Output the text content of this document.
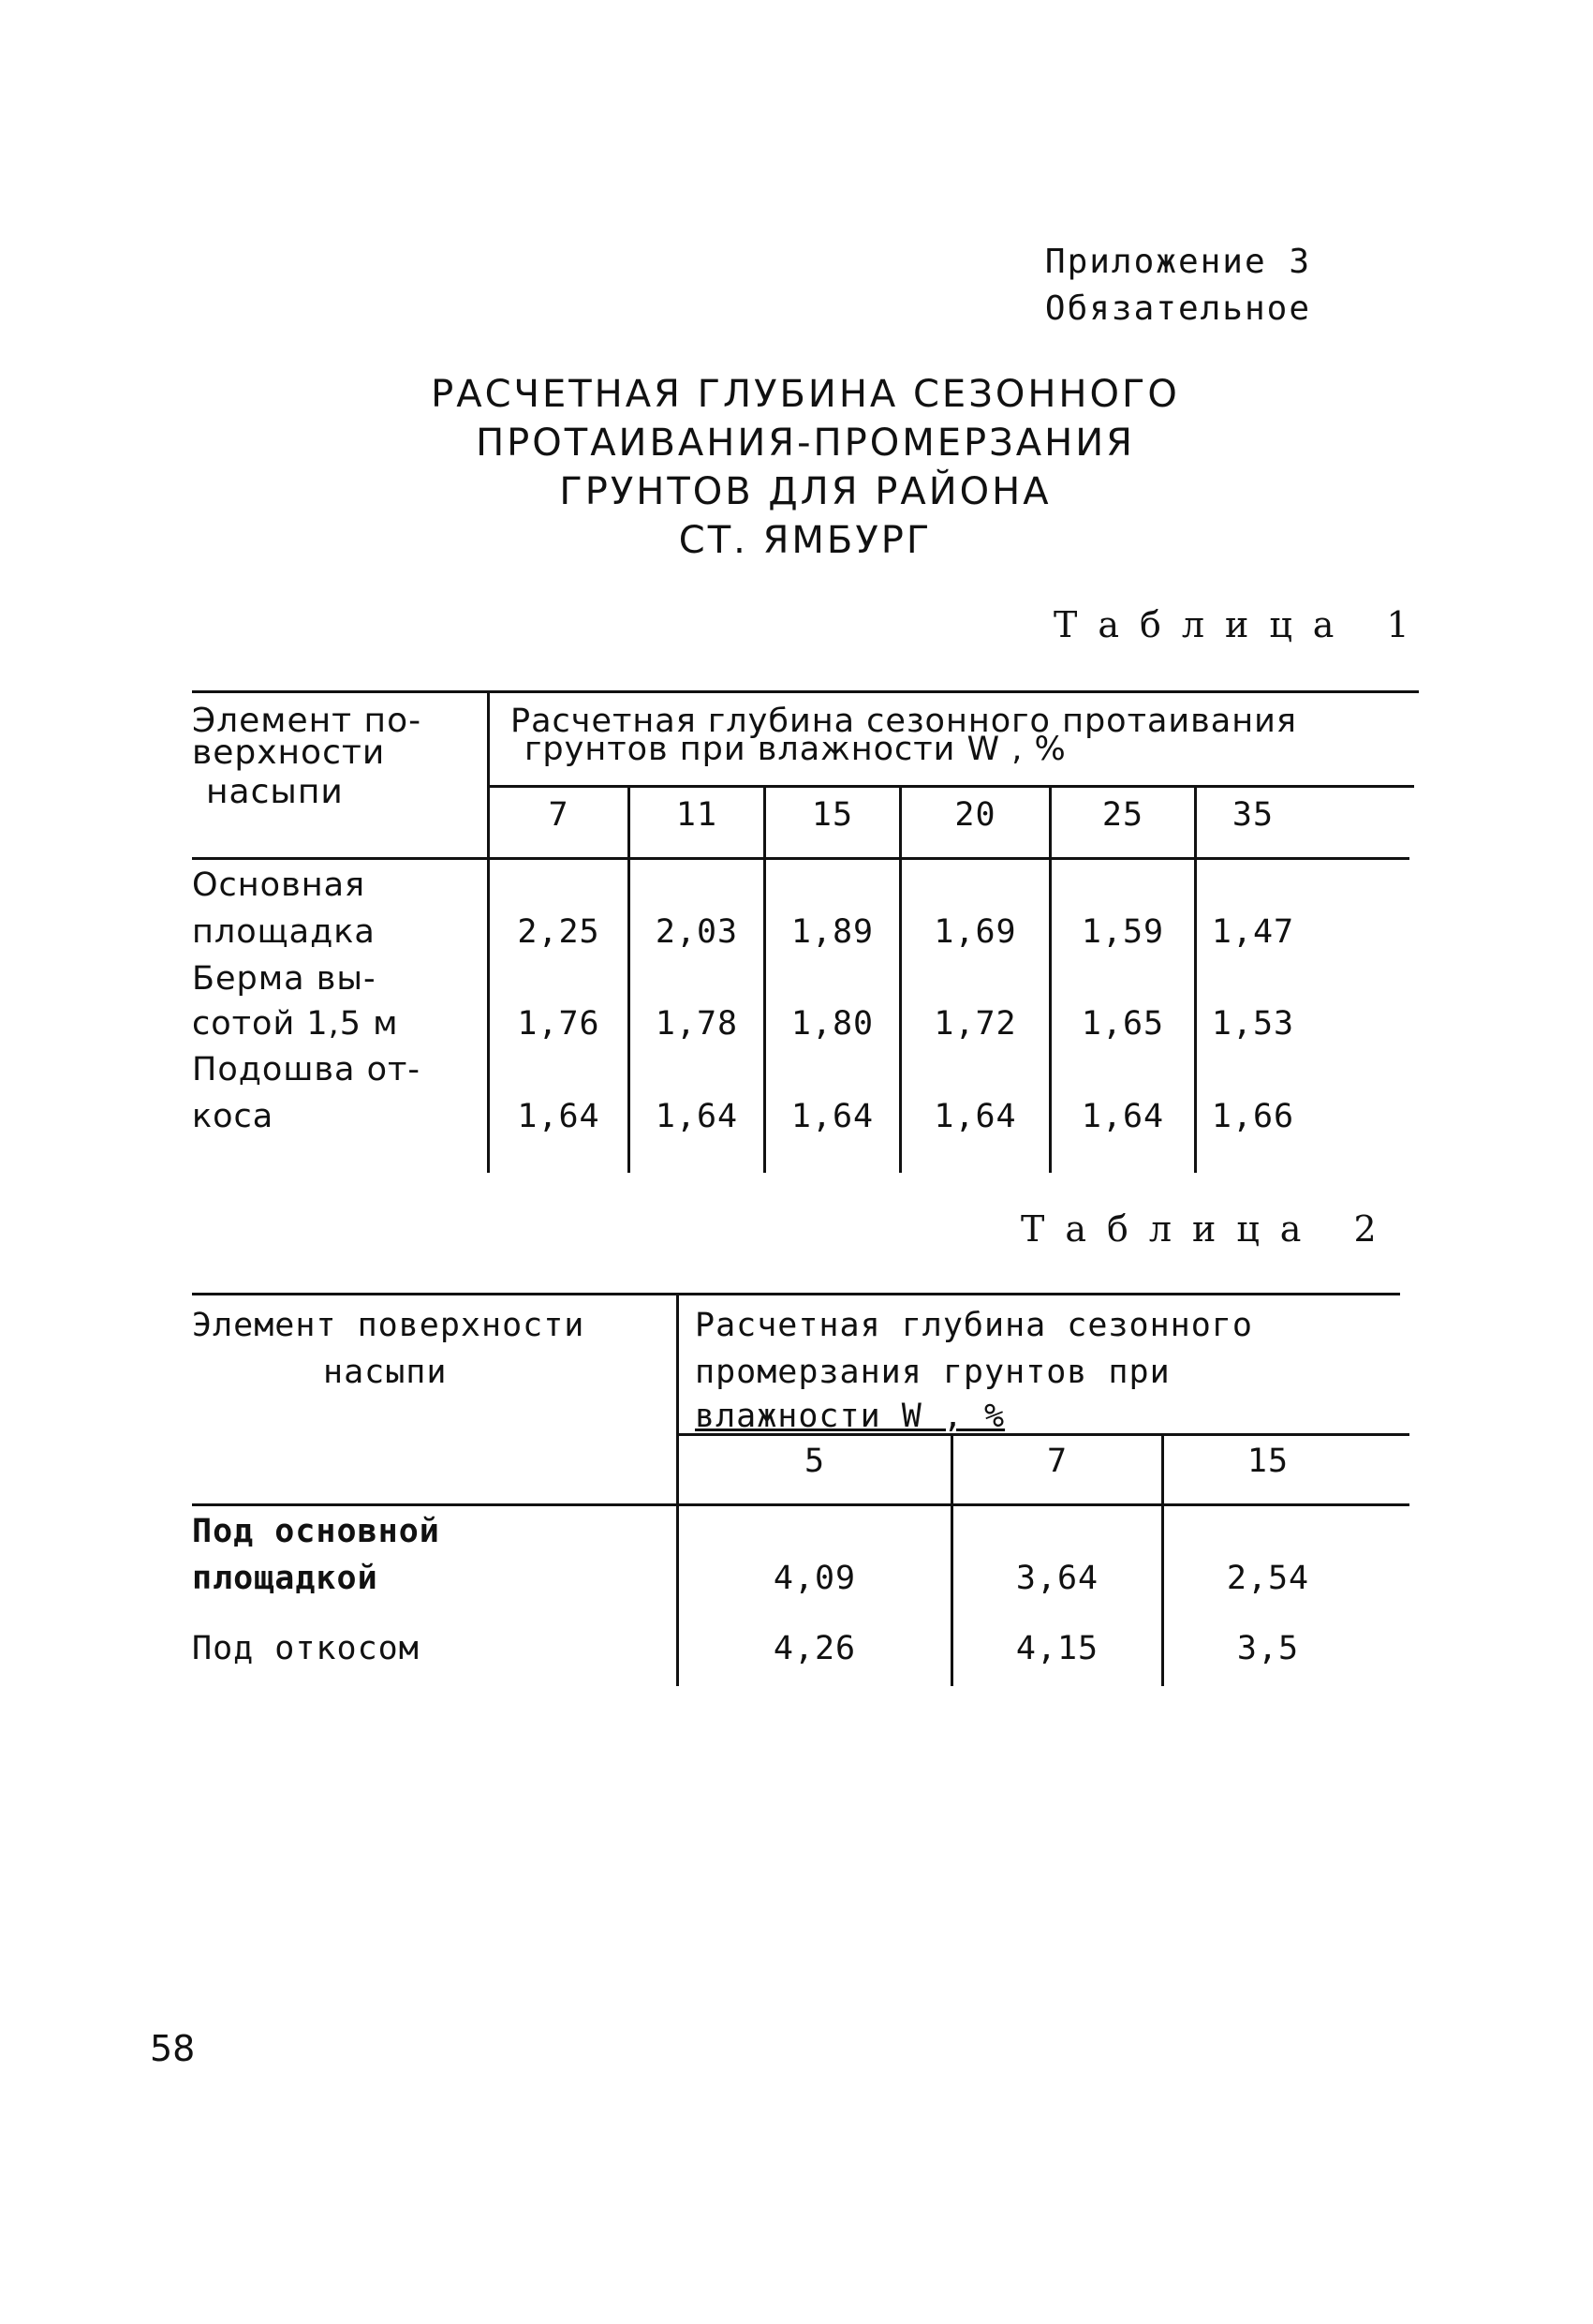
Приложение 3
Обязательное
РАСЧЕТНАЯ ГЛУБИНА СЕЗОННОГО
ПРОТАИВАНИЯ-ПРОМЕРЗАНИЯ
ГРУНТОВ ДЛЯ РАЙОНА
СТ. ЯМБУРГ
Таблица 1
Элемент по-
верхности
насыпи
Расчетная глубина сезонного протаивания
грунтов при влажности W , %
7	11	15	20	25	35
Основная
площадка	2,25	2,03	1,89	1,69	1,59	1,47
Берма вы-
сотой 1,5 м	1,76	1,78	1,80	1,72	1,65	1,53
Подошва от-
коса	1,64	1,64	1,64	1,64	1,64	1,66
Таблица 2
Элемент поверхности
насыпи
Расчетная глубина сезонного
промерзания грунтов при
влажности W , %
5	7	15
Под основной
площадкой	4,09	3,64	2,54
Под откосом	4,26	4,15	3,5
58
